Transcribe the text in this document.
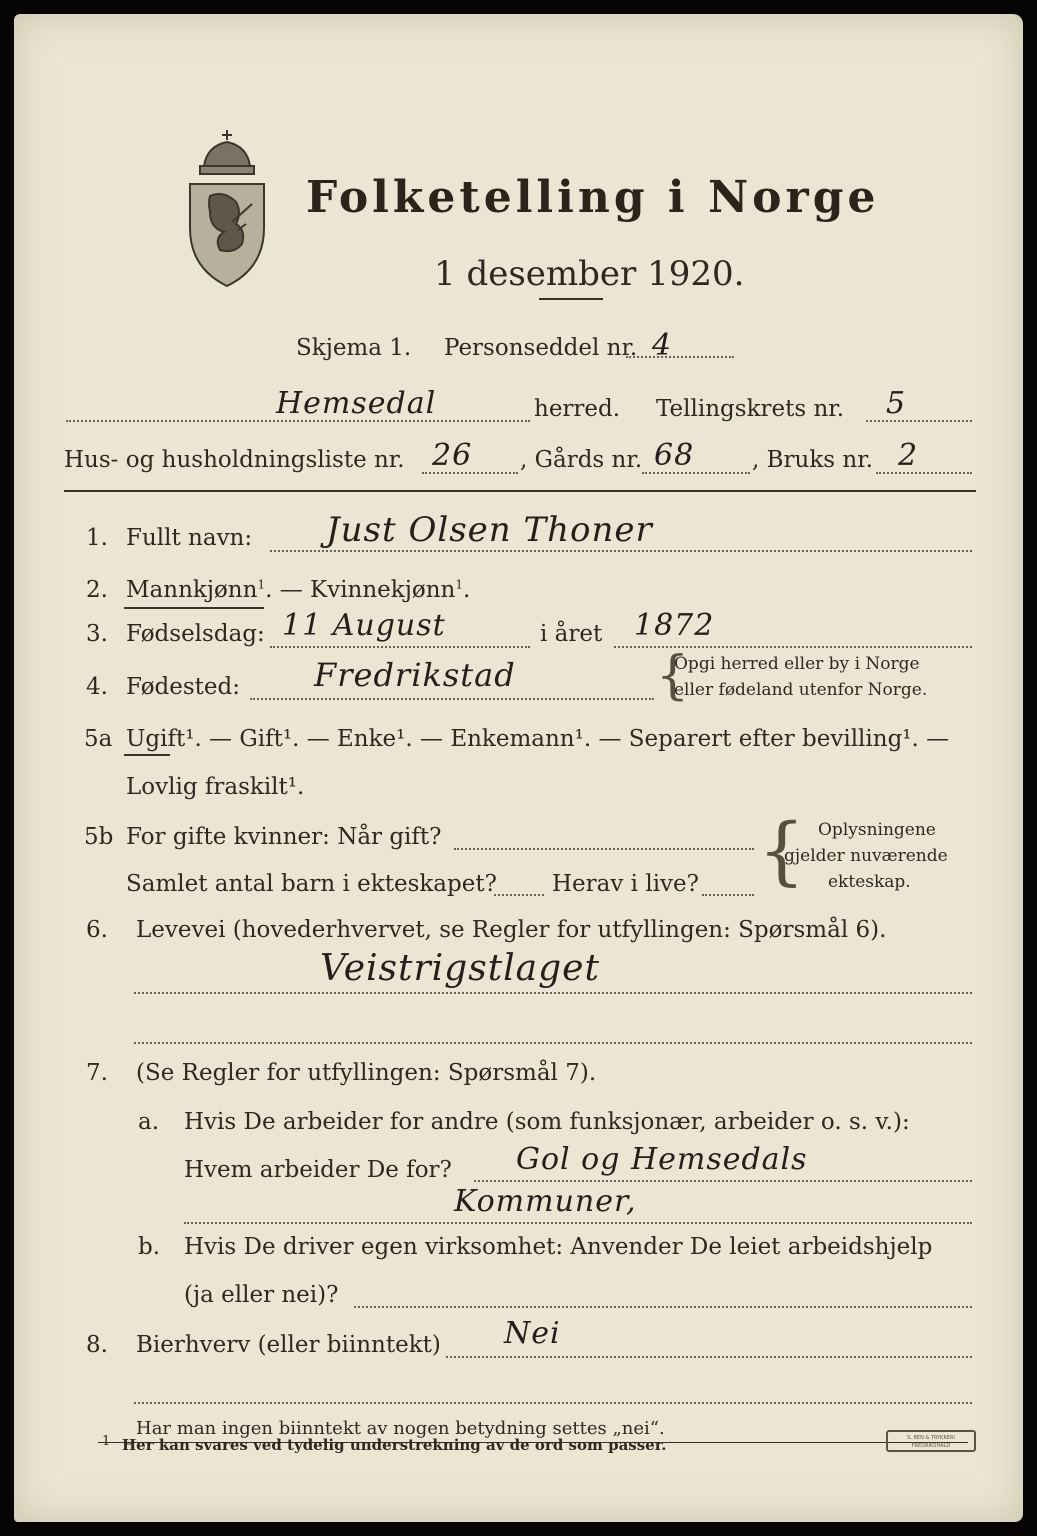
Folketelling i Norge
1 desember 1920.
Skjema 1. Personseddel nr. 4
Hemsedal	herred. Tellingskrets nr. 5
Hus- og husholdningsliste nr. 26 , Gårds nr. 68	, Bruks nr. 2
1. Fullt navn: Just Olsen Thoner
2. Mannkjønn$^1$. — Kvinnekjønn$^1$.
3. Fødselsdag: 11 August	i året 1872
4. Fødested: Fredrikstad	{
Opgi herred eller by i Norge
eller fødeland utenfor Norge.
5a Ugift¹. — Gift¹. — Enke¹. — Enkemann¹. — Separert efter bevilling¹. —
Lovlig fraskilt¹.
5b For gifte kvinner: Når gift?
Samlet antal barn i ekteskapet? Herav i live? { Oplysningene
gjelder nuværende
ekteskap.
6. Levevei (hovederhvervet, se Regler for utfyllingen: Spørsmål 6).
Veistrigstlaget
7. (Se Regler for utfyllingen: Spørsmål 7).
a. Hvis De arbeider for andre (som funksjonær, arbeider o. s. v.):
Hvem arbeider De for? Gol og Hemsedals
Kommuner,
b. Hvis De driver egen virksomhet: Anvender De leiet arbeidshjelp
(ja eller nei)?
8. Bierhverv (eller biinntekt) Nei
Har man ingen biinntekt av nogen betydning settes „nei“.
1 Her kan svares ved tydelig understrekning av de ord som passer.	S. BEN & TRYKKERI FREDRIKSHALD
